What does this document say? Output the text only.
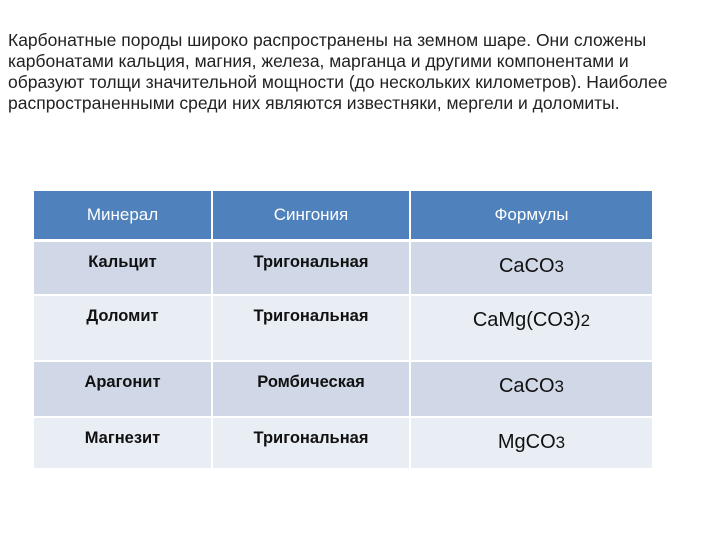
Карбонатные породы широко распространены на земном шаре. Они сложены карбонатами кальция, магния, железа, марганца и другими компонентами и образуют толщи значительной мощности (до нескольких километров). Наиболее распространенными среди них являются известняки, мергели и доломиты.

Минерал	Сингония	Формулы
Кальцит	Тригональная	CaCO3
Доломит	Тригональная	CaMg(CO3)2
Арагонит	Ромбическая	CaCO3
Магнезит	Тригональная	MgCO3
